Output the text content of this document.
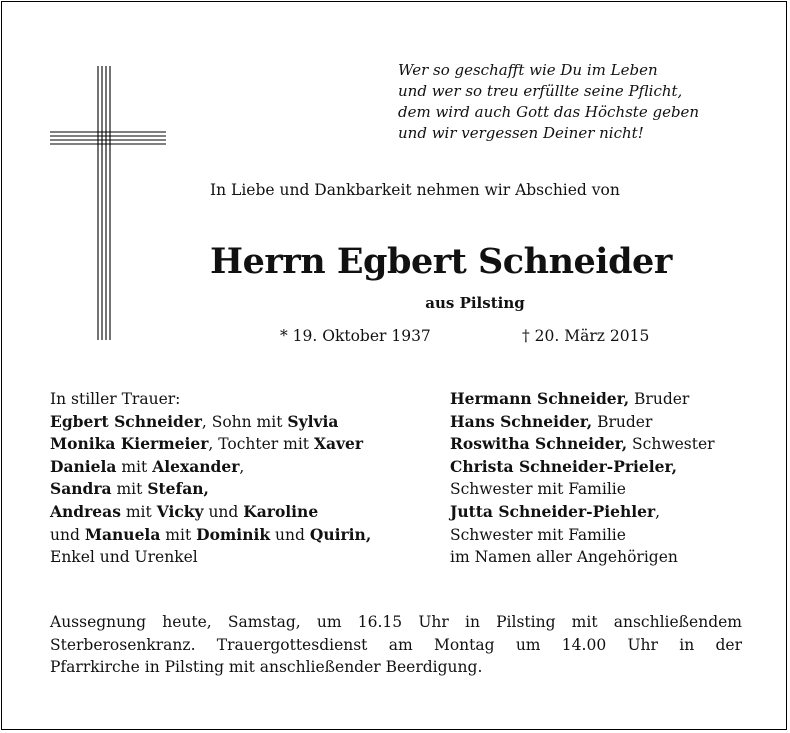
Wer so geschafft wie Du im Leben
und wer so treu erfüllte seine Pflicht,
dem wird auch Gott das Höchste geben
und wir vergessen Deiner nicht!

In Liebe und Dankbarkeit nehmen wir Abschied von

Herrn Egbert Schneider

aus Pilsting

* 19. Oktober 1937	† 20. März 2015
In stiller Trauer:
Egbert Schneider, Sohn mit Sylvia
Monika Kiermeier, Tochter mit Xaver
Daniela mit Alexander,
Sandra mit Stefan,
Andreas mit Vicky und Karoline
und Manuela mit Dominik und Quirin,
Enkel und Urenkel
Hermann Schneider, Bruder
Hans Schneider, Bruder
Roswitha Schneider, Schwester
Christa Schneider-Prieler,
Schwester mit Familie
Jutta Schneider-Piehler,
Schwester mit Familie
im Namen aller Angehörigen

Aussegnung heute, Samstag, um 16.15 Uhr in Pilsting mit anschließendem
Sterberosenkranz. Trauergottesdienst am Montag um 14.00 Uhr in der
Pfarrkirche in Pilsting mit anschließender Beerdigung.
